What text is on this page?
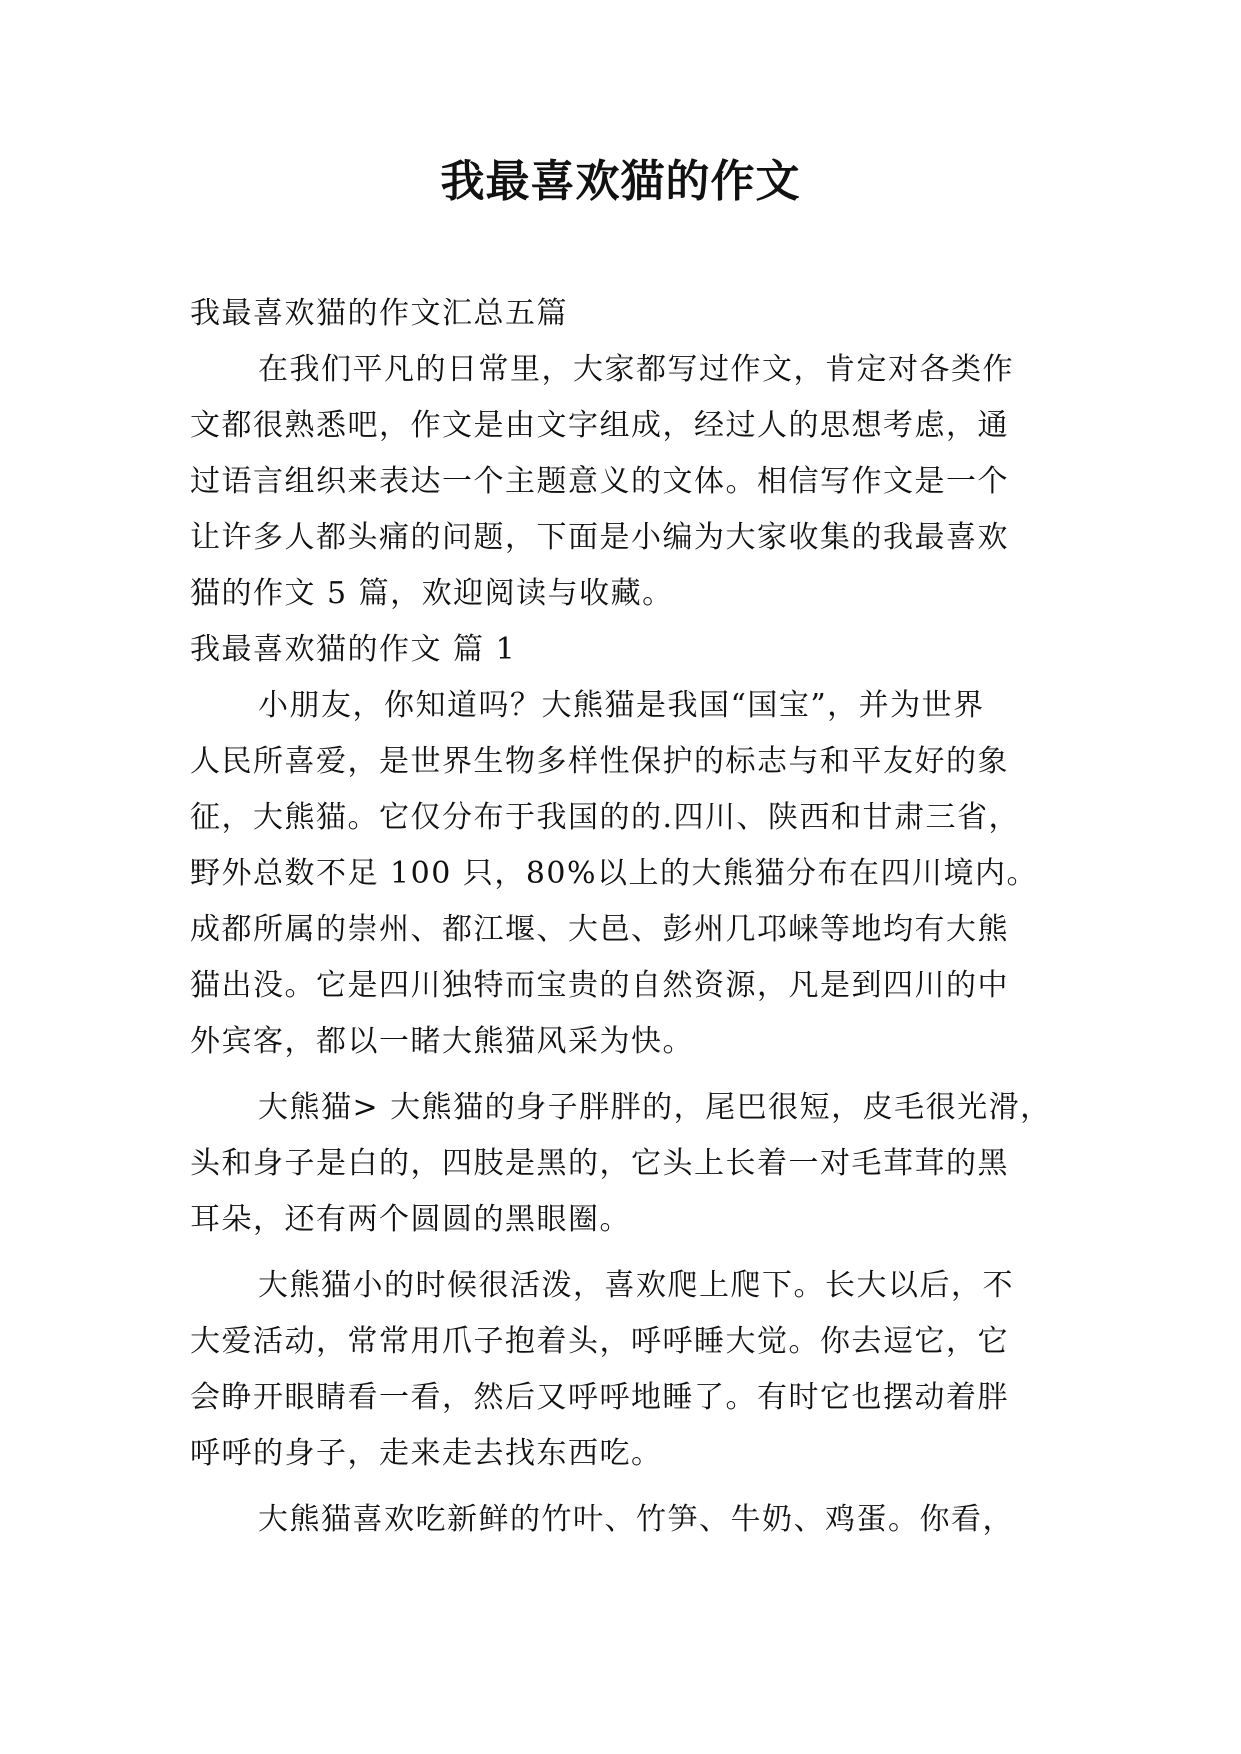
我最喜欢猫的作文
我最喜欢猫的作文汇总五篇
在我们平凡的日常里，大家都写过作文，肯定对各类作
文都很熟悉吧，作文是由文字组成，经过人的思想考虑，通
过语言组织来表达一个主题意义的文体。相信写作文是一个
让许多人都头痛的问题，下面是小编为大家收集的我最喜欢
猫的作文 5 篇，欢迎阅读与收藏。
我最喜欢猫的作文 篇 1
小朋友，你知道吗？大熊猫是我国“国宝”，并为世界
人民所喜爱，是世界生物多样性保护的标志与和平友好的象
征，大熊猫。它仅分布于我国的的.四川、陕西和甘肃三省，
野外总数不足 100 只，80%以上的大熊猫分布在四川境内。
成都所属的崇州、都江堰、大邑、彭州几邛崃等地均有大熊
猫出没。它是四川独特而宝贵的自然资源，凡是到四川的中
外宾客，都以一睹大熊猫风采为快。
大熊猫> 大熊猫的身子胖胖的，尾巴很短，皮毛很光滑，
头和身子是白的，四肢是黑的，它头上长着一对毛茸茸的黑
耳朵，还有两个圆圆的黑眼圈。
大熊猫小的时候很活泼，喜欢爬上爬下。长大以后，不
大爱活动，常常用爪子抱着头，呼呼睡大觉。你去逗它，它
会睁开眼睛看一看，然后又呼呼地睡了。有时它也摆动着胖
呼呼的身子，走来走去找东西吃。
大熊猫喜欢吃新鲜的竹叶、竹笋、牛奶、鸡蛋。你看，
